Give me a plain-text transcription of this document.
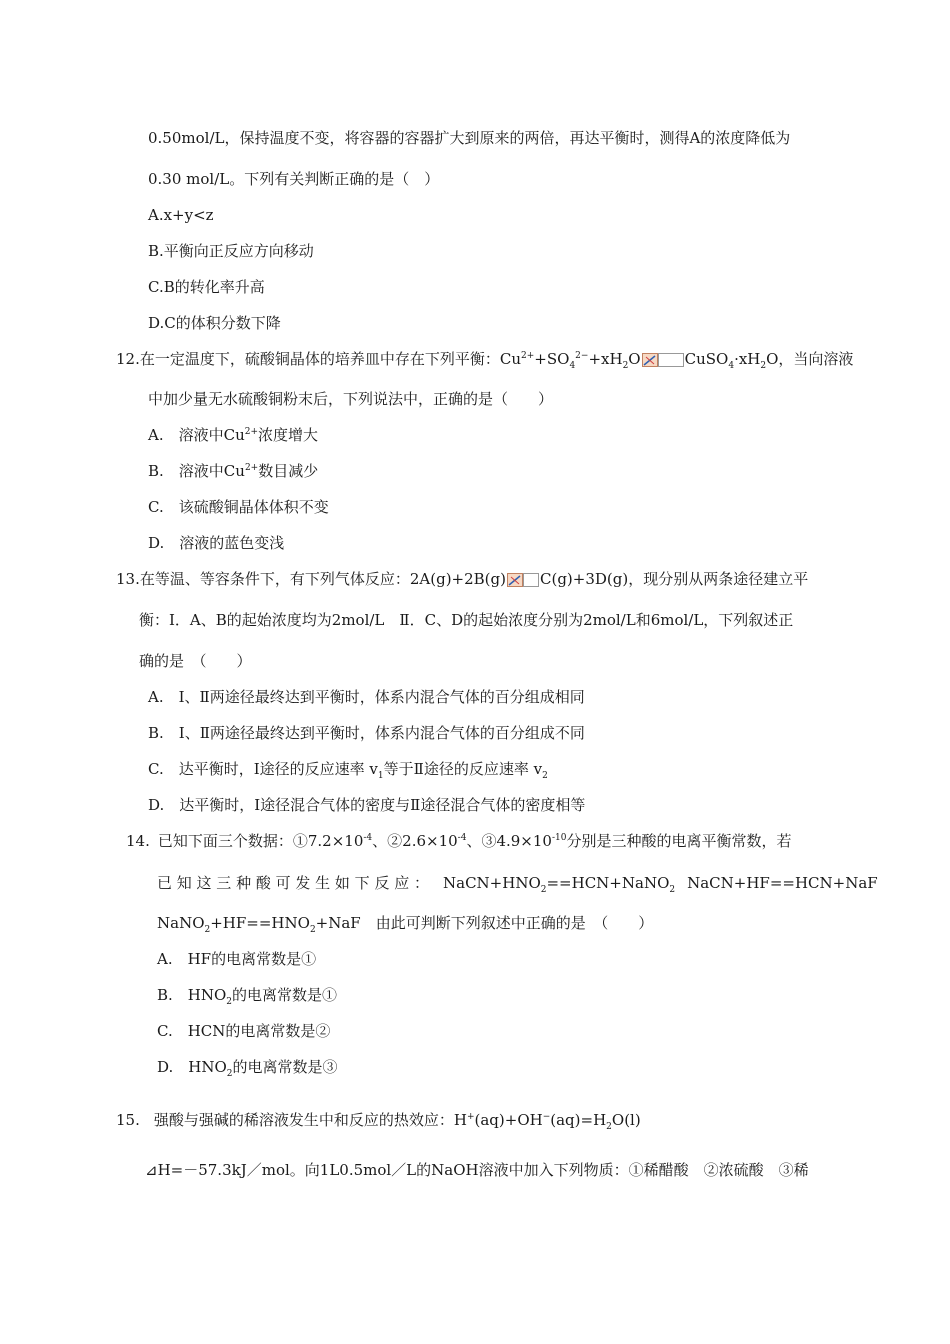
0.50mol/L，保持温度不变，将容器的容器扩大到原来的两倍，再达平衡时，测得A的浓度降低为
0.30 mol/L。下列有关判断正确的是（　）
A.x+y<z
B.平衡向正反应方向移动
C.B的转化率升高
D.C的体积分数下降
12.在一定温度下，硫酸铜晶体的培养皿中存在下列平衡：$Cu^{2+}+SO_4^{2-}+xH_2O$	$CuSO_4\cdot xH_2O$，当向溶液
中加少量无水硫酸铜粉末后，下列说法中，正确的是（　　）
A.　溶液中$Cu^{2+}$浓度增大
B.　溶液中$Cu^{2+}$数目减少
C.　该硫酸铜晶体体积不变
D.　溶液的蓝色变浅
13.在等温、等容条件下，有下列气体反应：2A(g)+2B(g) C(g)+3D(g)，现分别从两条途径建立平
衡：Ⅰ．A、B的起始浓度均为2mol/L　Ⅱ．C、D的起始浓度分别为2mol/L和6mol/L，下列叙述正
确的是　（　　）
A.　Ⅰ、Ⅱ两途径最终达到平衡时，体系内混合气体的百分组成相同
B.　Ⅰ、Ⅱ两途径最终达到平衡时，体系内混合气体的百分组成不同
C.　达平衡时，Ⅰ途径的反应速率 $v_1$等于Ⅱ途径的反应速率 $v_2$
D.　达平衡时，Ⅰ途径混合气体的密度与Ⅱ途径混合气体的密度相等
14. 已知下面三个数据：$①7.2\times 10^{-4}$、$②2.6\times 10^{-4}$、$③4.9\times 10^{-10}$分别是三种酸的电离平衡常数，若
已 知 这 三 种 酸 可 发 生 如 下 反 应 ： $NaCN+HNO_2==HCN+NaNO_2$ NaCN+HF==HCN+NaF
$NaNO_2+HF==HNO_2+NaF$　由此可判断下列叙述中正确的是　（　　）
A.　HF的电离常数是①
B.　$HNO_2$的电离常数是①
C.　HCN的电离常数是②
D.　$HNO_2$的电离常数是③
15. 强酸与强碱的稀溶液发生中和反应的热效应：$H^+(aq)+OH^-(aq)=H_2O(l)$
⊿H=－57.3kJ／mol。向1L0.5mol／L的NaOH溶液中加入下列物质：①稀醋酸　②浓硫酸　③稀
